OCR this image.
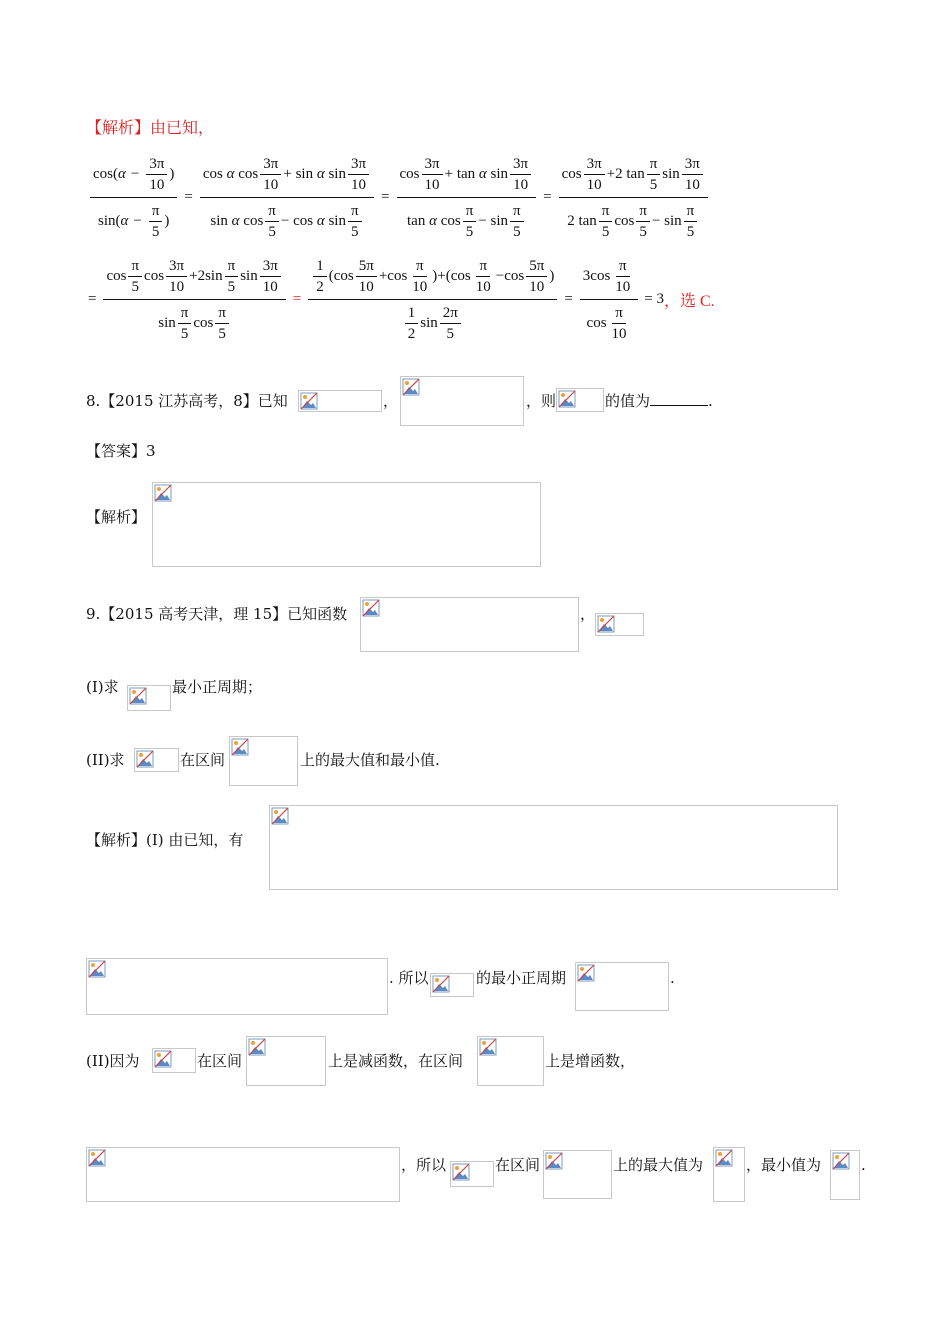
【解析】由已知，
$\frac{\cos( \alpha - \frac{3\pi}{10} )}{\sin( \alpha - \frac{\pi}{5} )} = \cos$
α
$\cos \frac{3\pi}{10}$ +
sin
α
$\sin \frac{3\pi}{10}$
sin
α
$\cos \frac{\pi}{5}$ −
cos
α
$\sin \frac{\pi}{5} = \cos \frac{3\pi}{10}$ +
tan
α
$\sin \frac{3\pi}{10}$
tan
α
$\cos \frac{\pi}{5}$ −
$\sin \frac{\pi}{5} = \cos \frac{3\pi}{10} + 2$ $\tan \frac{\pi}{5}$ $\sin \frac{3\pi}{10}$
2 $\tan \frac{\pi}{5}$ $\cos \frac{\pi}{5}$ −
$\sin \frac{\pi}{5}$
= $\frac{\cos \frac{\pi}{5} \cos \frac{3\pi}{10} + 2\sin \frac{\pi}{5} \sin \frac{3\pi}{10}}{\sin \frac{\pi}{5} \cos \frac{\pi}{5}} = \frac{\frac{1}{2} ( \cos \frac{5\pi}{10} + \cos \frac{\pi}{10} ) + ( \cos \frac{\pi}{10} - \cos \frac{5\pi}{10} )}{\frac{1}{2} \sin \frac{2\pi}{5}} = \frac{3\cos \frac{\pi}{10}}{\cos \frac{\pi}{10}} = 3$ ，选 C.
8.【2015 江苏高考，8】已知	，	，则	的值为	.
【答案】3
【解析】
9.【2015 高考天津，理 15】已知函数	，
(I)求	最小正周期；
(II)求	在区间	上的最大值和最小值.
【解析】(I) 由已知，有
. 所以	的最小正周期	.
(II)因为	在区间	上是减函数，在区间	上是增函数，
，所以	在区间	上的最大值为	，最小值为	.
